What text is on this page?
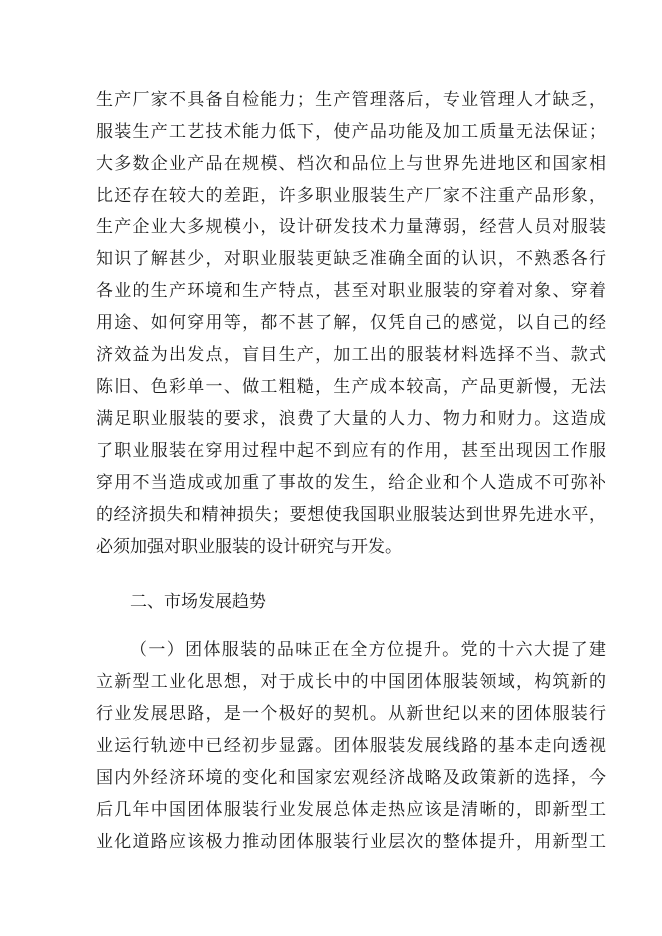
生产厂家不具备自检能力；生产管理落后，专业管理人才缺乏，
服装生产工艺技术能力低下，使产品功能及加工质量无法保证；
大多数企业产品在规模、档次和品位上与世界先进地区和国家相
比还存在较大的差距，许多职业服装生产厂家不注重产品形象，
生产企业大多规模小，设计研发技术力量薄弱，经营人员对服装
知识了解甚少，对职业服装更缺乏准确全面的认识，不熟悉各行
各业的生产环境和生产特点，甚至对职业服装的穿着对象、穿着
用途、如何穿用等，都不甚了解，仅凭自己的感觉，以自己的经
济效益为出发点，盲目生产，加工出的服装材料选择不当、款式
陈旧、色彩单一、做工粗糙，生产成本较高，产品更新慢，无法
满足职业服装的要求，浪费了大量的人力、物力和财力。这造成
了职业服装在穿用过程中起不到应有的作用，甚至出现因工作服
穿用不当造成或加重了事故的发生，给企业和个人造成不可弥补
的经济损失和精神损失；要想使我国职业服装达到世界先进水平，
必须加强对职业服装的设计研究与开发。
二、市场发展趋势
（一）团体服装的品味正在全方位提升。党的十六大提了建
立新型工业化思想，对于成长中的中国团体服装领域，构筑新的
行业发展思路，是一个极好的契机。从新世纪以来的团体服装行
业运行轨迹中已经初步显露。团体服装发展线路的基本走向透视
国内外经济环境的变化和国家宏观经济战略及政策新的选择，今
后几年中国团体服装行业发展总体走热应该是清晰的，即新型工
业化道路应该极力推动团体服装行业层次的整体提升，用新型工
